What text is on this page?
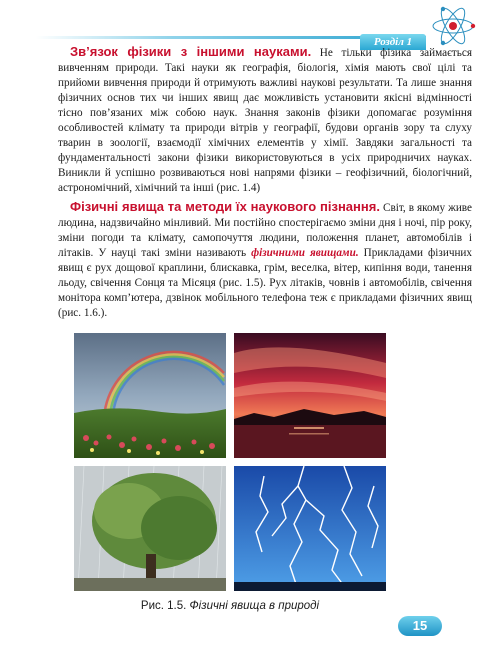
Розділ 1

Зв’язок фізики з іншими науками. Не тільки фізика займається вивченням природи. Такі науки як географія, біологія, хімія мають свої цілі та прийоми вивчення природи й отримують важливі наукові результати. Та лише знання фізичних основ тих чи інших явищ дає можливість установити якісні відмінності тісно пов’язаних між собою наук. Знання законів фізики допомагає розуміння особливостей клімату та природи вітрів у географії, будови органів зору та слуху тварин в зоології, взаємодії хімічних елементів у хімії. Завдяки загальності та фундаментальності закони фізики використовуються в усіх природничих науках. Виникли й успішно розвиваються нові напрями фізики – геофізичний, біологічний, астрономічний, хімічний та інші (рис. 1.4)

Фізичні явища та методи їх наукового пізнання. Світ, в якому живе людина, надзвичайно мінливий. Ми постійно спостерігаємо зміни дня і ночі, пір року, зміни погоди та клімату, самопочуття людини, положення планет, автомобілів і літаків. У науці такі зміни називають фізичними явищами. Прикладами фізичних явищ є рух дощової краплини, блискавка, грім, веселка, вітер, кипіння води, танення льоду, свічення Сонця та Місяця (рис. 1.5). Рух літаків, човнів і автомобілів, свічення монітора комп’ютера, дзвінок мобільного телефона теж є прикладами фізичних явищ (рис. 1.6.).

Рис. 1.5. Фізичні явища в природі
15
